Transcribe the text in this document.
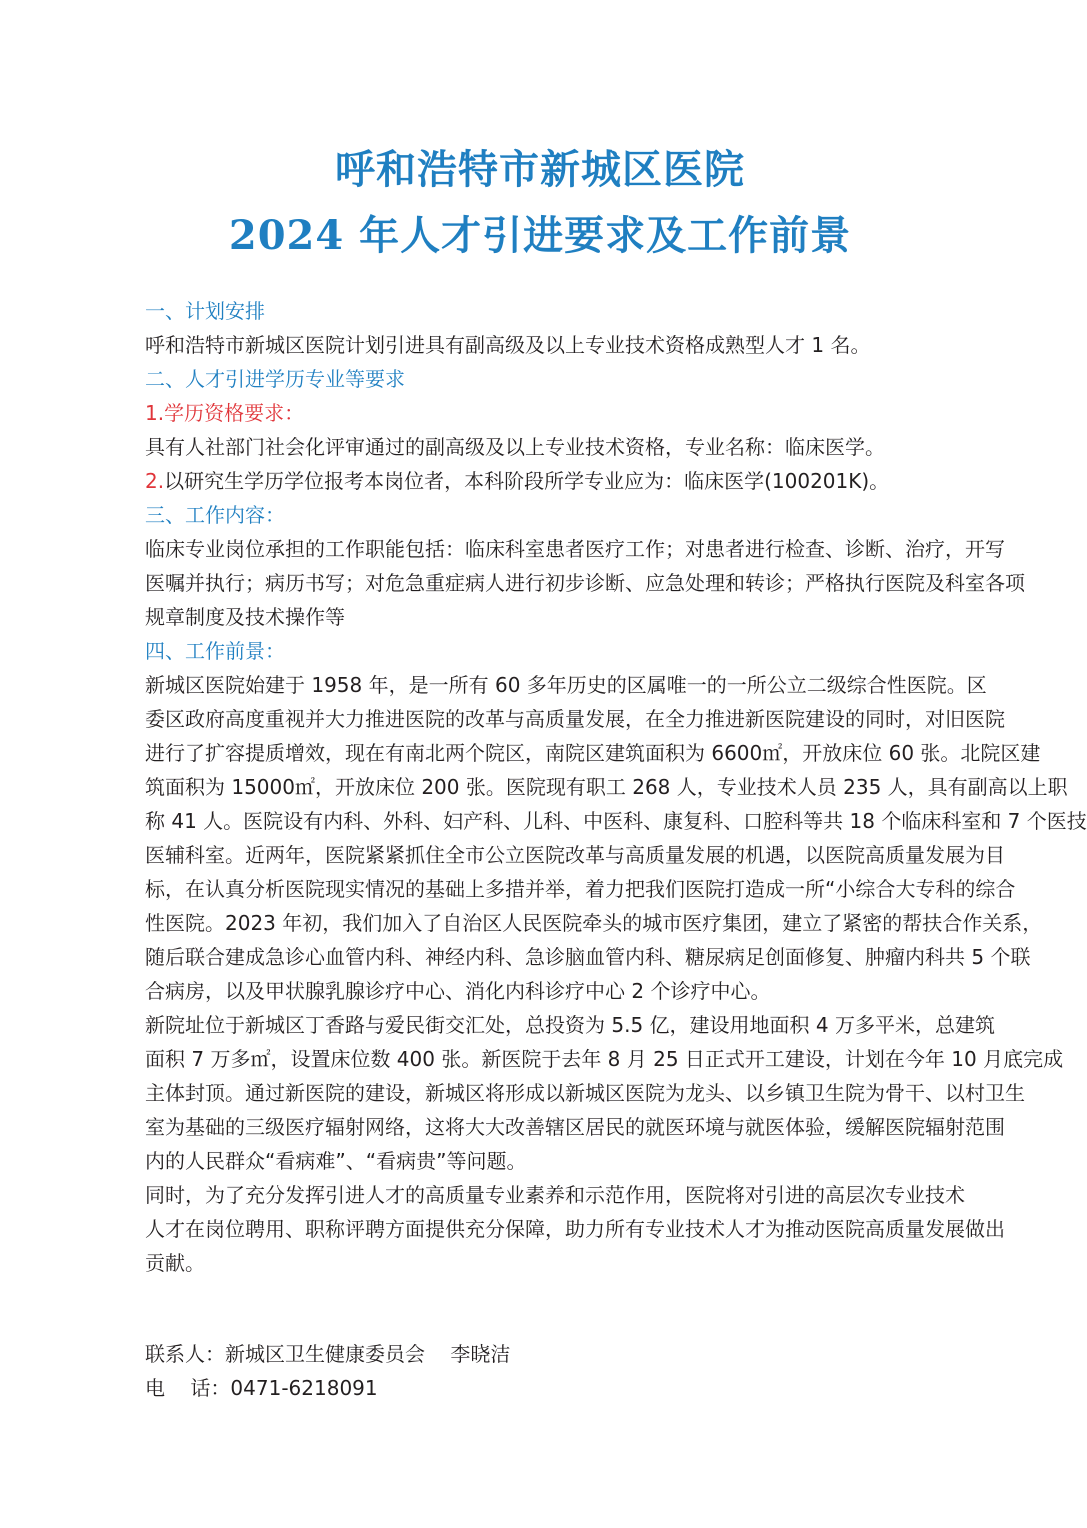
呼和浩特市新城区医院
2024 年人才引进要求及工作前景
一、计划安排
呼和浩特市新城区医院计划引进具有副高级及以上专业技术资格成熟型人才 1 名。
二、人才引进学历专业等要求
1.学历资格要求：
具有人社部门社会化评审通过的副高级及以上专业技术资格，专业名称：临床医学。
2.以研究生学历学位报考本岗位者，本科阶段所学专业应为：临床医学(100201K)。
三、工作内容：
临床专业岗位承担的工作职能包括：临床科室患者医疗工作；对患者进行检查、诊断、治疗，开写
医嘱并执行；病历书写；对危急重症病人进行初步诊断、应急处理和转诊；严格执行医院及科室各项
规章制度及技术操作等
四、工作前景：
新城区医院始建于 1958 年，是一所有 60 多年历史的区属唯一的一所公立二级综合性医院。区
委区政府高度重视并大力推进医院的改革与高质量发展，在全力推进新医院建设的同时，对旧医院
进行了扩容提质增效，现在有南北两个院区，南院区建筑面积为 6600㎡，开放床位 60 张。北院区建
筑面积为 15000㎡，开放床位 200 张。医院现有职工 268 人，专业技术人员 235 人，具有副高以上职
称 41 人。医院设有内科、外科、妇产科、儿科、中医科、康复科、口腔科等共 18 个临床科室和 7 个医技
医辅科室。近两年，医院紧紧抓住全市公立医院改革与高质量发展的机遇，以医院高质量发展为目
标，在认真分析医院现实情况的基础上多措并举，着力把我们医院打造成一所“小综合大专科的综合
性医院。2023 年初，我们加入了自治区人民医院牵头的城市医疗集团，建立了紧密的帮扶合作关系，
随后联合建成急诊心血管内科、神经内科、急诊脑血管内科、糖尿病足创面修复、肿瘤内科共 5 个联
合病房，以及甲状腺乳腺诊疗中心、消化内科诊疗中心 2 个诊疗中心。
新院址位于新城区丁香路与爱民街交汇处，总投资为 5.5 亿，建设用地面积 4 万多平米，总建筑
面积 7 万多㎡，设置床位数 400 张。新医院于去年 8 月 25 日正式开工建设，计划在今年 10 月底完成
主体封顶。通过新医院的建设，新城区将形成以新城区医院为龙头、以乡镇卫生院为骨干、以村卫生
室为基础的三级医疗辐射网络，这将大大改善辖区居民的就医环境与就医体验，缓解医院辐射范围
内的人民群众“看病难”、“看病贵”等问题。
同时，为了充分发挥引进人才的高质量专业素养和示范作用，医院将对引进的高层次专业技术
人才在岗位聘用、职称评聘方面提供充分保障，助力所有专业技术人才为推动医院高质量发展做出
贡献。
联系人：新城区卫生健康委员会    李晓洁
电    话：0471-6218091
